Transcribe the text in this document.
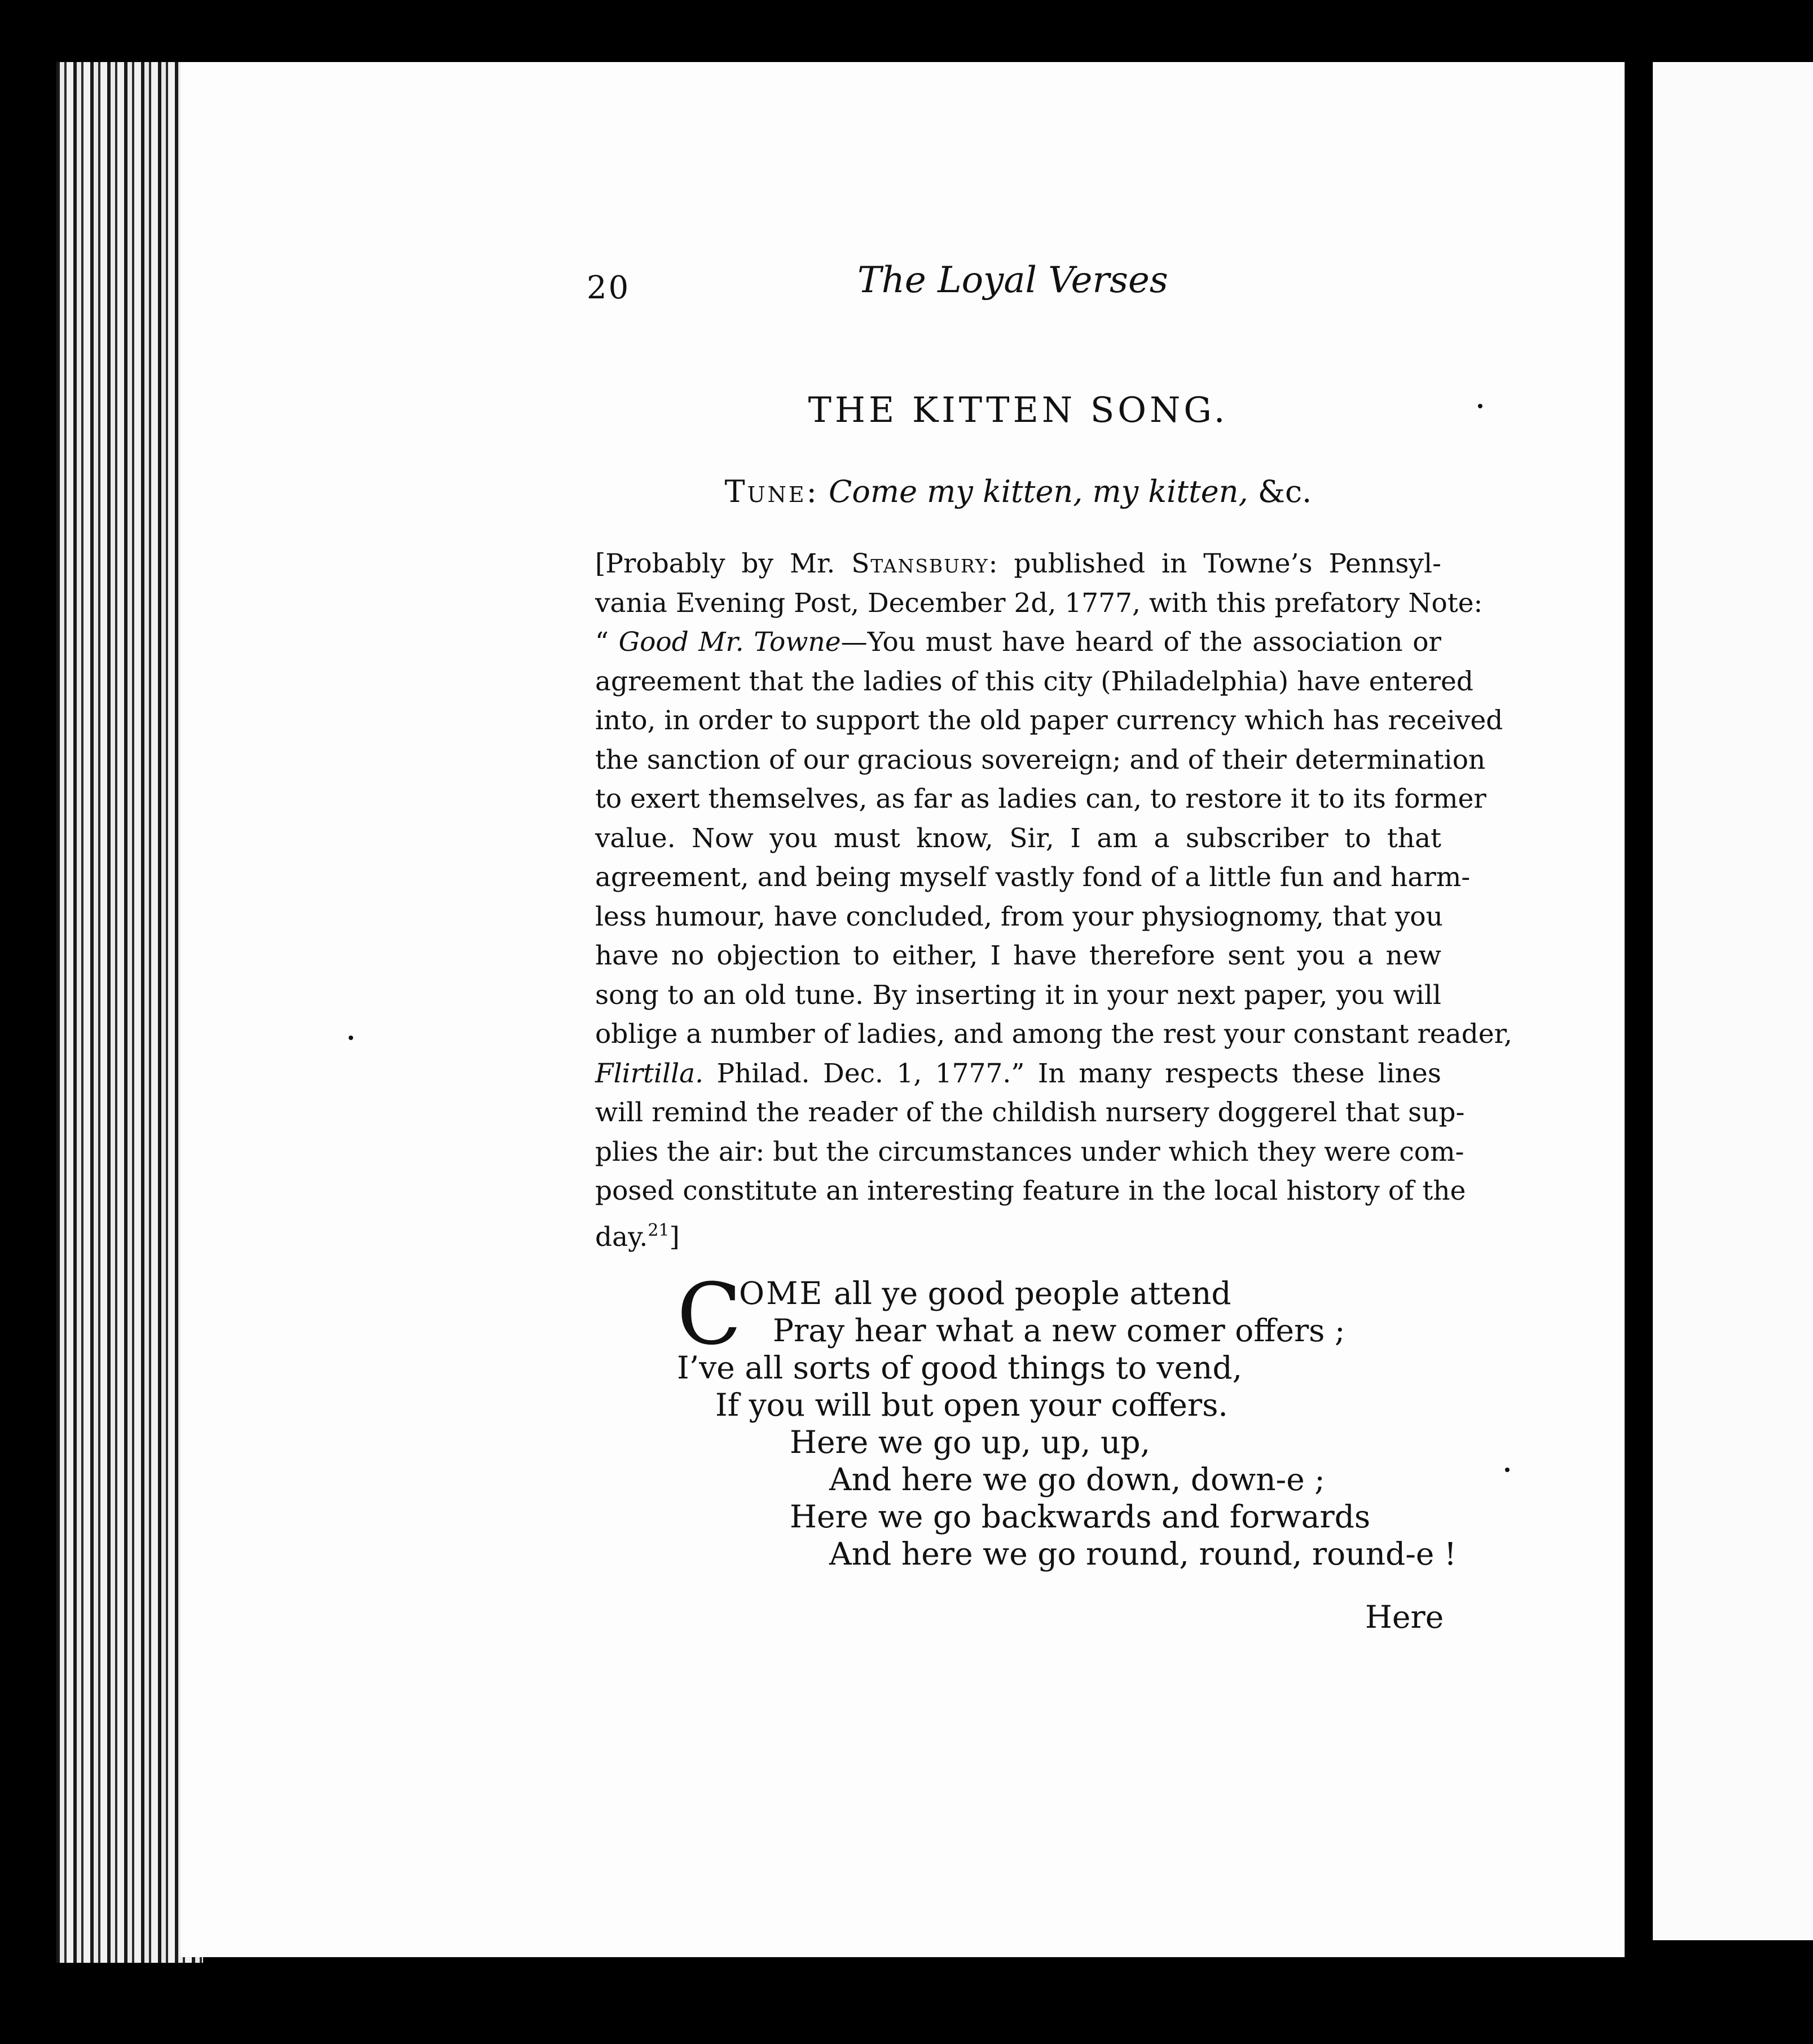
20	The Loyal Verses
THE KITTEN SONG.
Tune: Come my kitten, my kitten, &c.
[Probably by Mr. Stansbury: published in Towne’s Pennsyl-
vania Evening Post, December 2d, 1777, with this prefatory Note:
“ Good Mr. Towne—You must have heard of the association or
agreement that the ladies of this city (Philadelphia) have entered
into, in order to support the old paper currency which has received
the sanction of our gracious sovereign; and of their determination
to exert themselves, as far as ladies can, to restore it to its former
value. Now you must know, Sir, I am a subscriber to that
agreement, and being myself vastly fond of a little fun and harm-
less humour, have concluded, from your physiognomy, that you
have no objection to either, I have therefore sent you a new
song to an old tune. By inserting it in your next paper, you will
oblige a number of ladies, and among the rest your constant reader,
Flirtilla. Philad. Dec. 1, 1777.” In many respects these lines
will remind the reader of the childish nursery doggerel that sup-
plies the air: but the circumstances under which they were com-
posed constitute an interesting feature in the local history of the
day.$^{21}$]
C
OME all ye good people attend
Pray hear what a new comer offers ;
I’ve all sorts of good things to vend,
If you will but open your coffers.
Here we go up, up, up,
And here we go down, down-e ;
Here we go backwards and forwards
And here we go round, round, round-e !
Here
